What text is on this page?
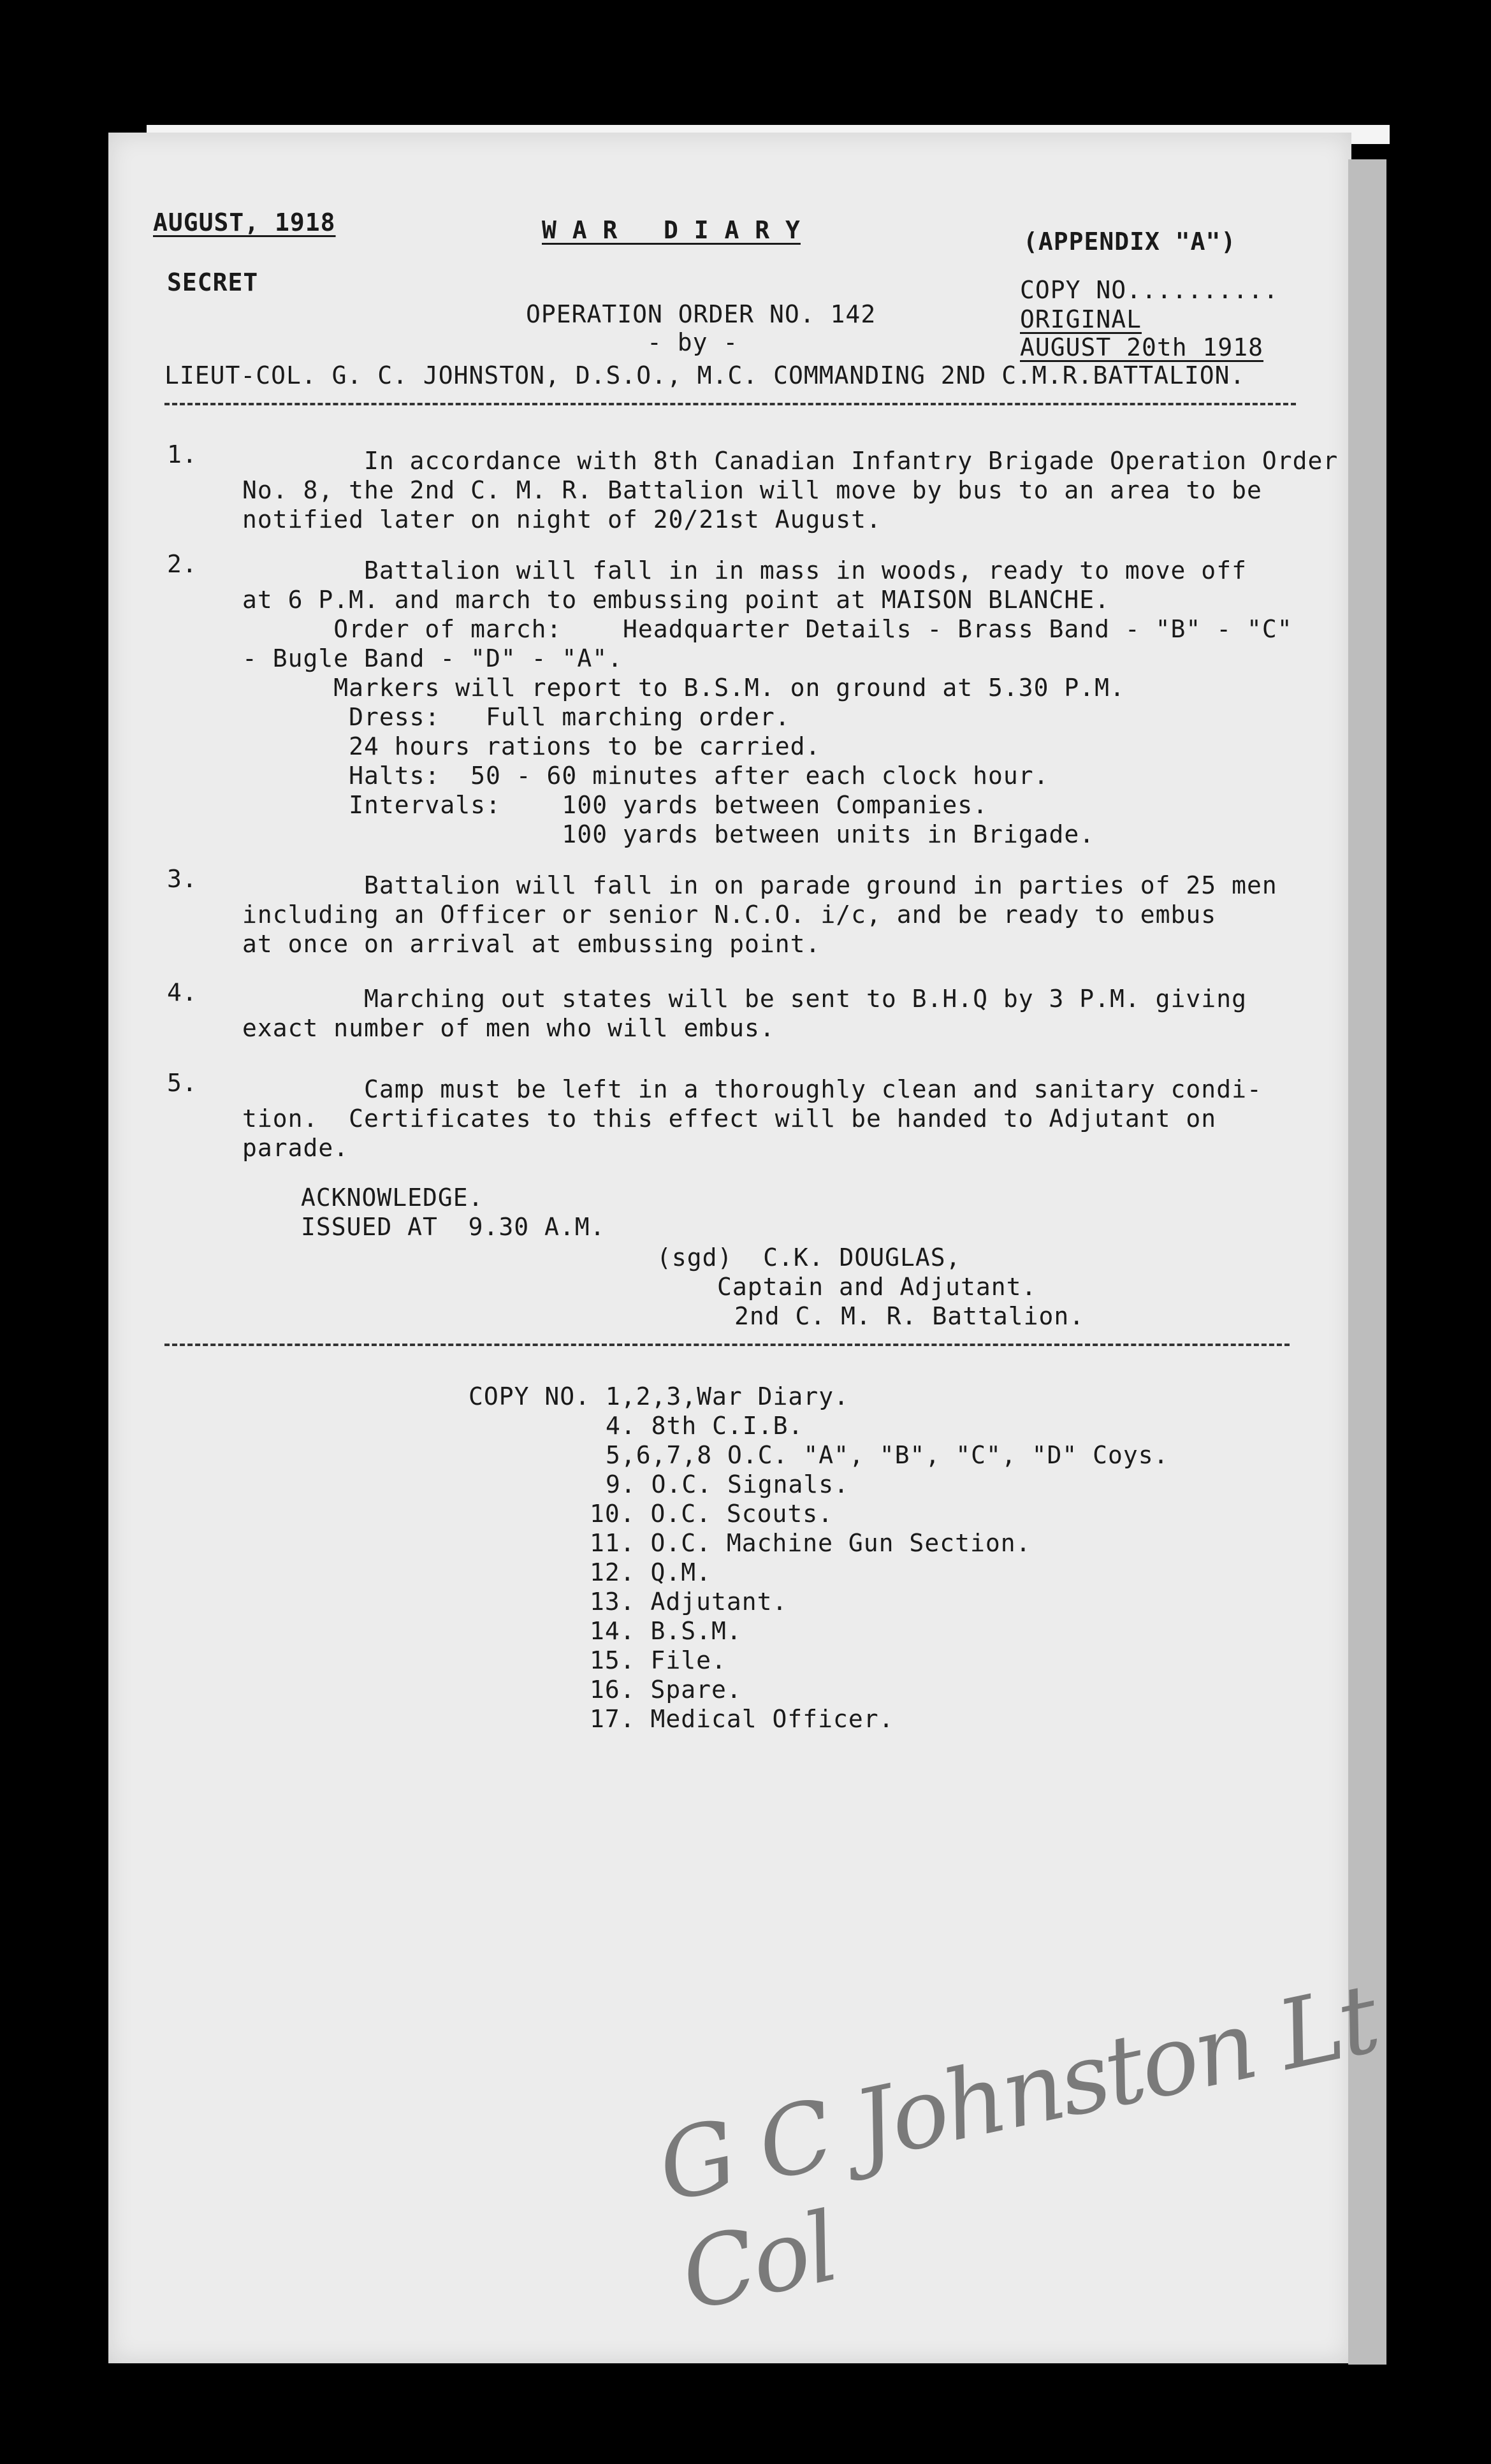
AUGUST, 1918	W A R   D I A R Y	(APPENDIX "A")
SECRET	COPY NO..........
OPERATION ORDER NO. 142	ORIGINAL
- by -	AUGUST 20th 1918
LIEUT-COL. G. C. JOHNSTON, D.S.O., M.C. COMMANDING 2ND C.M.R.BATTALION.
1. In accordance with 8th Canadian Infantry Brigade Operation Order
No. 8, the 2nd C. M. R. Battalion will move by bus to an area to be
notified later on night of 20/21st August.
2. Battalion will fall in in mass in woods, ready to move off
at 6 P.M. and march to embussing point at MAISON BLANCHE.
Order of march:    Headquarter Details - Brass Band - "B" - "C"
- Bugle Band - "D" - "A".
Markers will report to B.S.M. on ground at 5.30 P.M.
Dress:   Full marching order.
24 hours rations to be carried.
Halts:  50 - 60 minutes after each clock hour.
Intervals:    100 yards between Companies.
100 yards between units in Brigade.
3. Battalion will fall in on parade ground in parties of 25 men
including an Officer or senior N.C.O. i/c, and be ready to embus
at once on arrival at embussing point.
4. Marching out states will be sent to B.H.Q by 3 P.M. giving
exact number of men who will embus.
5. Camp must be left in a thoroughly clean and sanitary condi-
tion.  Certificates to this effect will be handed to Adjutant on
parade.
ACKNOWLEDGE.
ISSUED AT  9.30 A.M.
(sgd)  C.K. DOUGLAS,
Captain and Adjutant.
2nd C. M. R. Battalion.
COPY NO. 1,2,3,War Diary.
4. 8th C.I.B.
5,6,7,8 O.C. "A", "B", "C", "D" Coys.
9. O.C. Signals.
10. O.C. Scouts.
11. O.C. Machine Gun Section.
12. Q.M.
13. Adjutant.
14. B.S.M.
15. File.
16. Spare.
17. Medical Officer.
G C Johnston Lt Col
